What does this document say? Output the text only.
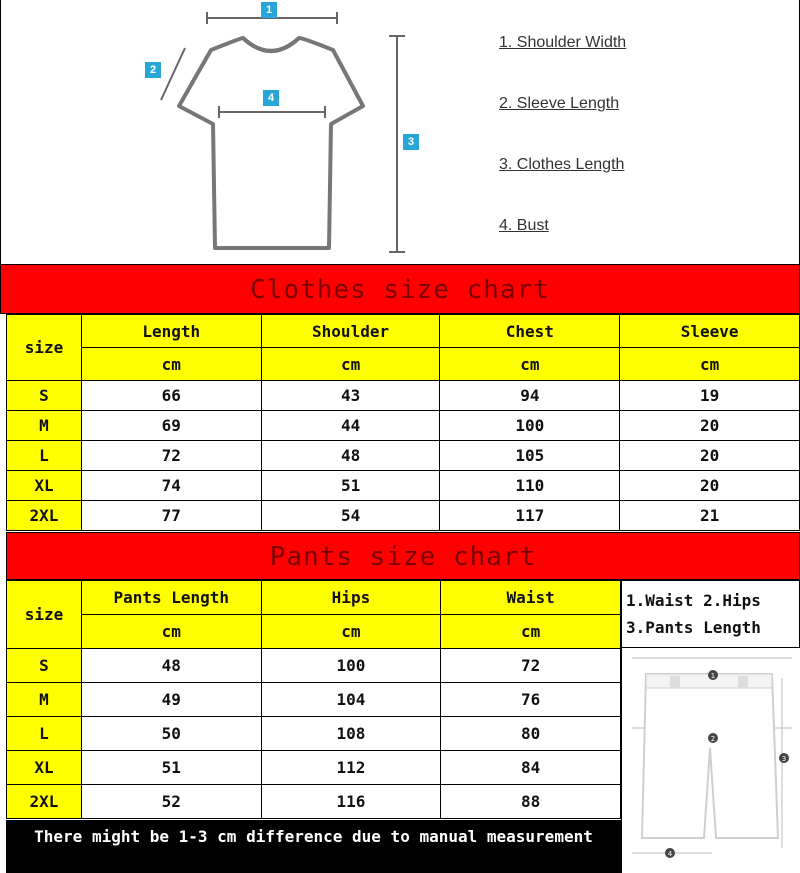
1
2
3
4
1. Shoulder Width
2. Sleeve Length
3. Clothes Length
4. Bust
Clothes size chart
size	Length	Shoulder	Chest	Sleeve
	cm	cm	cm	cm
S	66	43	94	19
M	69	44	100	20
L	72	48	105	20
XL	74	51	110	20
2XL	77	54	117	21
Pants size chart
size	Pants Length	Hips	Waist
	cm	cm	cm
S	48	100	72
M	49	104	76
L	50	108	80
XL	51	112	84
2XL	52	116	88
1.Waist 2.Hips
3.Pants Length
1
2
3
4
There might be 1-3 cm difference due to manual measurement
